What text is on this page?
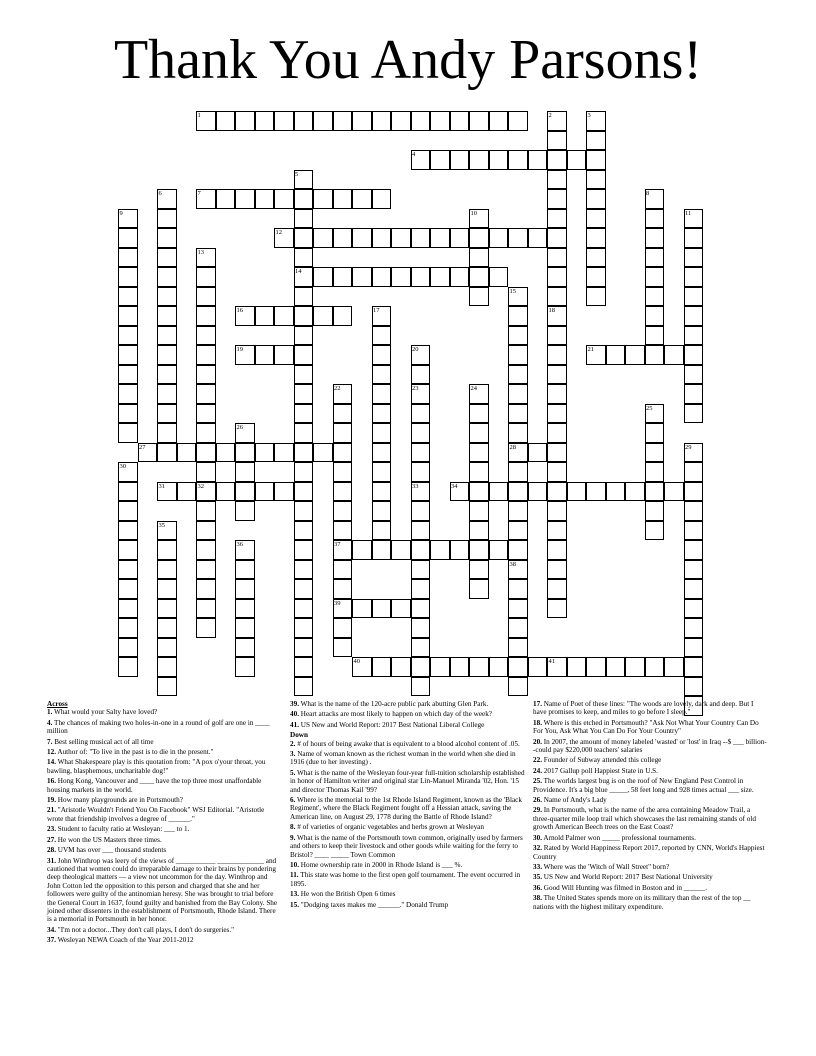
Thank You Andy Parsons!
1
4
7
12
14
16
19	21
27	28
31	34
37
39
40	41
2	3
5
6	8
9	10	11
13
15
17	18
20
22	23	24
25
26
29
30
32	33
35
36
38

Across

1. What would your Salty have loved?

4. The chances of making two holes-in-one in a round of golf are one in ____ million

7. Best selling musical act of all time

12. Author of: "To live in the past is to die in the present."

14. What Shakespeare play is this quotation from: "A pox o'your throat, you bawling, blasphemous, uncharitable dog!"

16. Hong Kong, Vancouver and ____ have the top three most unaffordable housing markets in the world.

19. How many playgrounds are in Portsmouth?

21. "Aristotle Wouldn't Friend You On Facebook" WSJ Editorial. "Aristotle wrote that friendship involves a degree of ______."

23. Student to faculty ratio at Wesleyan: ___ to 1.

27. He won the US Masters three times.

28. UVM has over ___ thousand students

31. John Winthrop was leery of the views of ___________ _____________ and cautioned that women could do irreparable damage to their brains by pondering deep theological matters — a view not uncommon for the day. Winthrop and John Cotton led the opposition to this person and charged that she and her followers were guilty of the antinomian heresy. She was brought to trial before the General Court in 1637, found guilty and banished from the Bay Colony. She joined other dissenters in the establishment of Portsmouth, Rhode Island. There is a memorial in Portsmouth in her honor.

34. "I'm not a doctor...They don't call plays, I don't do surgeries."

37. Wesleyan NEWA Coach of the Year 2011-2012

39. What is the name of the 120-acre public park abutting Glen Park.

40. Heart attacks are most likely to happen on which day of the week?

41. US New and World Report: 2017 Best National Liberal College

Down

2. # of hours of being awake that is equivalent to a blood alcohol content of .05.

3. Name of woman known as the richest woman in the world when she died in 1916 (due to her investing) .

5. What is the name of the Wesleyan four-year full-tuition scholarship established in honor of Hamilton writer and original star Lin-Manuel Miranda '02, Hon. '15 and director Thomas Kail '99?

6. Where is the memorial to the 1st Rhode Island Regiment, known as the 'Black Regiment', where the Black Regiment fought off a Hessian attack, saving the American line, on August 29, 1778 during the Battle of Rhode Island?

8. # of varieties of organic vegetables and herbs grown at Wesleyan

9. What is the name of the Portsmouth town common, originally used by farmers and others to keep their livestock and other goods while waiting for the ferry to Bristol? ____ _____ Town Common

10. Home ownership rate in 2000 in Rhode Island is ___ %.

11. This state was home to the first open golf tournament. The event occurred in 1895.

13. He won the British Open 6 times

15. "Dodging taxes makes me ______." Donald Trump

17. Name of Poet of these lines: "The woods are lovely, dark and deep. But I have promises to keep, and miles to go before I sleep."

18. Where is this etched in Portsmouth? "Ask Not What Your Country Can Do For You, Ask What You Can Do For Your Country"

20. In 2007, the amount of money labeled 'wasted' or 'lost' in Iraq --$ ___ billion--could pay $220,000 teachers' salaries

22. Founder of Subway attended this college

24. 2017 Gallup poll Happiest State in U.S.

25. The worlds largest bug is on the roof of New England Pest Control in Providence. It's a big blue _____, 58 feet long and 928 times actual ___ size.

26. Name of Andy's Lady

29. In Portsmouth, what is the name of the area containing Meadow Trail, a three-quarter mile loop trail which showcases the last remaining stands of old growth American Beech trees on the East Coast?

30. Arnold Palmer won _____ professional tournaments.

32. Rated by World Happiness Report 2017, reported by CNN, World's Happiest Country

33. Where was the 'Witch of Wall Street" born?

35. US New and World Report: 2017 Best National University

36. Good Will Hunting was filmed in Boston and in ______.

38. The United States spends more on its military than the rest of the top __ nations with the highest military expenditure.
